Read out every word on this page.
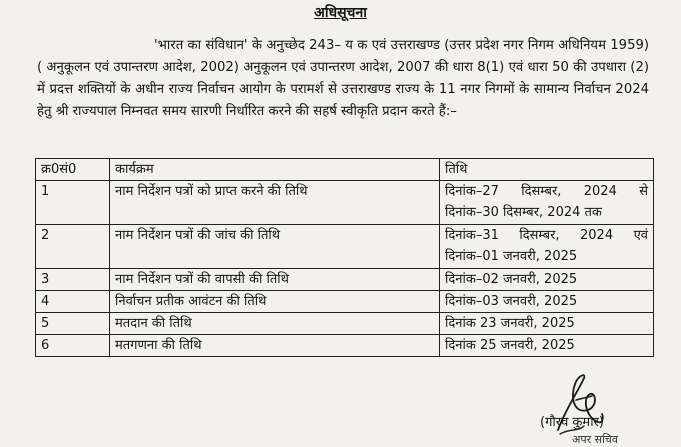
अधिसूचना

'भारत का संविधान' के अनुच्छेद 243– य क एवं उत्तराखण्ड (उत्तर प्रदेश नगर निगम अधिनियम 1959)( अनुकूलन एवं उपान्तरण आदेश, 2002) अनुकूलन एवं उपान्तरण आदेश, 2007 की धारा 8(1) एवं धारा 50 की उपधारा (2) में प्रदत्त शक्तियों के अधीन राज्य निर्वाचन आयोग के परामर्श से उत्तराखण्ड राज्य के 11 नगर निगमों के सामान्य निर्वाचन 2024 हेतु श्री राज्यपाल निम्नवत समय सारणी निर्धारित करने की सहर्ष स्वीकृति प्रदान करते हैं:–

क्र0सं0	कार्यक्रम	तिथि
1	नाम निर्देशन पत्रों को प्राप्त करने की तिथि	दिनांक–27 दिसम्बर, 2024 से
दिनांक–30 दिसम्बर, 2024 तक

2	नाम निर्देशन पत्रों की जांच की तिथि	दिनांक–31 दिसम्बर, 2024 एवं
दिनांक–01 जनवरी, 2025

3	नाम निर्देशन पत्रों की वापसी की तिथि	दिनांक–02 जनवरी, 2025
4	निर्वाचन प्रतीक आवंटन की तिथि	दिनांक–03 जनवरी, 2025
5	मतदान की तिथि	दिनांक 23 जनवरी, 2025
6	मतगणना की तिथि	दिनांक 25 जनवरी, 2025
(गौरव कुमार)
अपर सचिव
